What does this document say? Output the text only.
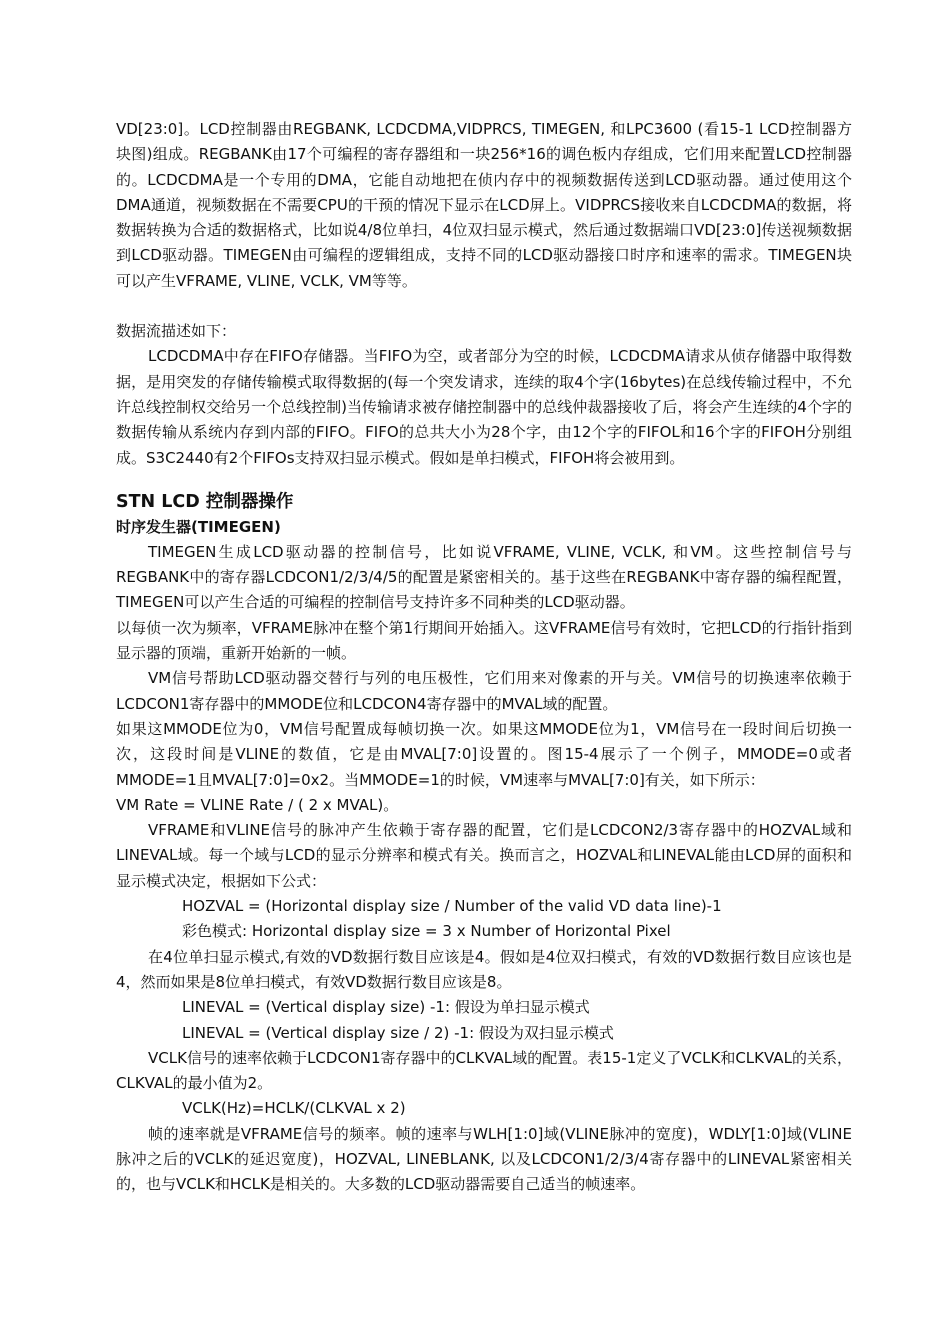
VD[23:0]。LCD控制器由REGBANK, LCDCDMA,VIDPRCS, TIMEGEN, 和LPC3600 (看15-1 LCD控制器方块图)组成。REGBANK由17个可编程的寄存器组和一块256*16的调色板内存组成，它们用来配置LCD控制器的。LCDCDMA是一个专用的DMA，它能自动地把在侦内存中的视频数据传送到LCD驱动器。通过使用这个DMA通道，视频数据在不需要CPU的干预的情况下显示在LCD屏上。VIDPRCS接收来自LCDCDMA的数据，将数据转换为合适的数据格式，比如说4/8位单扫，4位双扫显示模式，然后通过数据端口VD[23:0]传送视频数据到LCD驱动器。TIMEGEN由可编程的逻辑组成，支持不同的LCD驱动器接口时序和速率的需求。TIMEGEN块可以产生VFRAME, VLINE, VCLK, VM等等。

数据流描述如下：

LCDCDMA中存在FIFO存储器。当FIFO为空，或者部分为空的时候，LCDCDMA请求从侦存储器中取得数据，是用突发的存储传输模式取得数据的(每一个突发请求，连续的取4个字(16bytes)在总线传输过程中，不允许总线控制权交给另一个总线控制)当传输请求被存储控制器中的总线仲裁器接收了后，将会产生连续的4个字的数据传输从系统内存到内部的FIFO。FIFO的总共大小为28个字，由12个字的FIFOL和16个字的FIFOH分别组成。S3C2440有2个FIFOs支持双扫显示模式。假如是单扫模式，FIFOH将会被用到。

STN LCD 控制器操作
时序发生器(TIMEGEN)

TIMEGEN生成LCD驱动器的控制信号，比如说VFRAME, VLINE, VCLK, 和VM。这些控制信号与REGBANK中的寄存器LCDCON1/2/3/4/5的配置是紧密相关的。基于这些在REGBANK中寄存器的编程配置，TIMEGEN可以产生合适的可编程的控制信号支持许多不同种类的LCD驱动器。

以每侦一次为频率，VFRAME脉冲在整个第1行期间开始插入。这VFRAME信号有效时，它把LCD的行指针指到显示器的顶端，重新开始新的一帧。

VM信号帮助LCD驱动器交替行与列的电压极性，它们用来对像素的开与关。VM信号的切换速率依赖于LCDCON1寄存器中的MMODE位和LCDCON4寄存器中的MVAL域的配置。

如果这MMODE位为0，VM信号配置成每帧切换一次。如果这MMODE位为1，VM信号在一段时间后切换一次，这段时间是VLINE的数值，它是由MVAL[7:0]设置的。图15-4展示了一个例子，MMODE=0或者MMODE=1且MVAL[7:0]=0x2。当MMODE=1的时候，VM速率与MVAL[7:0]有关，如下所示：

VM Rate = VLINE Rate / ( 2 x MVAL)。

VFRAME和VLINE信号的脉冲产生依赖于寄存器的配置，它们是LCDCON2/3寄存器中的HOZVAL域和LINEVAL域。每一个域与LCD的显示分辨率和模式有关。换而言之，HOZVAL和LINEVAL能由LCD屏的面积和显示模式决定，根据如下公式：

HOZVAL = (Horizontal display size / Number of the valid VD data line)-1

彩色模式: Horizontal display size = 3 x Number of Horizontal Pixel

在4位单扫显示模式,有效的VD数据行数目应该是4。假如是4位双扫模式，有效的VD数据行数目应该也是4，然而如果是8位单扫模式，有效VD数据行数目应该是8。

LINEVAL = (Vertical display size) -1: 假设为单扫显示模式

LINEVAL = (Vertical display size / 2) -1: 假设为双扫显示模式

VCLK信号的速率依赖于LCDCON1寄存器中的CLKVAL域的配置。表15-1定义了VCLK和CLKVAL的关系，CLKVAL的最小值为2。

VCLK(Hz)=HCLK/(CLKVAL x 2)

帧的速率就是VFRAME信号的频率。帧的速率与WLH[1:0]域(VLINE脉冲的宽度)，WDLY[1:0]域(VLINE脉冲之后的VCLK的延迟宽度)，HOZVAL, LINEBLANK, 以及LCDCON1/2/3/4寄存器中的LINEVAL紧密相关的，也与VCLK和HCLK是相关的。大多数的LCD驱动器需要自己适当的帧速率。
